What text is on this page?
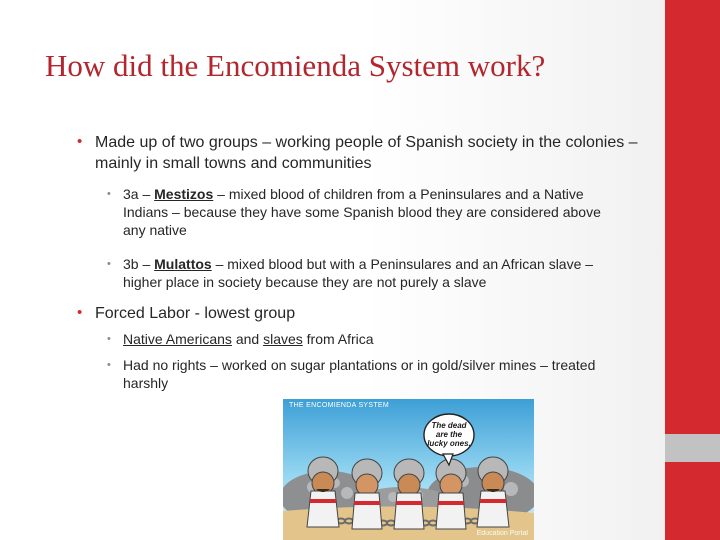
How did the Encomienda System work?
• Made up of two groups – working people of Spanish society in the colonies – mainly in small towns and communities
• 3a – Mestizos – mixed blood of children from a Peninsulares and a Native Indians – because they have some Spanish blood they are considered above any native
• 3b – Mulattos – mixed blood but with a Peninsulares and an African slave – higher place in society because they are not purely a slave
• Forced Labor - lowest group
• Native Americans and slaves from Africa
• Had no rights – worked on sugar plantations or in gold/silver mines – treated harshly
The dead
are the
lucky ones.
THE ENCOMIENDA SYSTEM
Education Portal
